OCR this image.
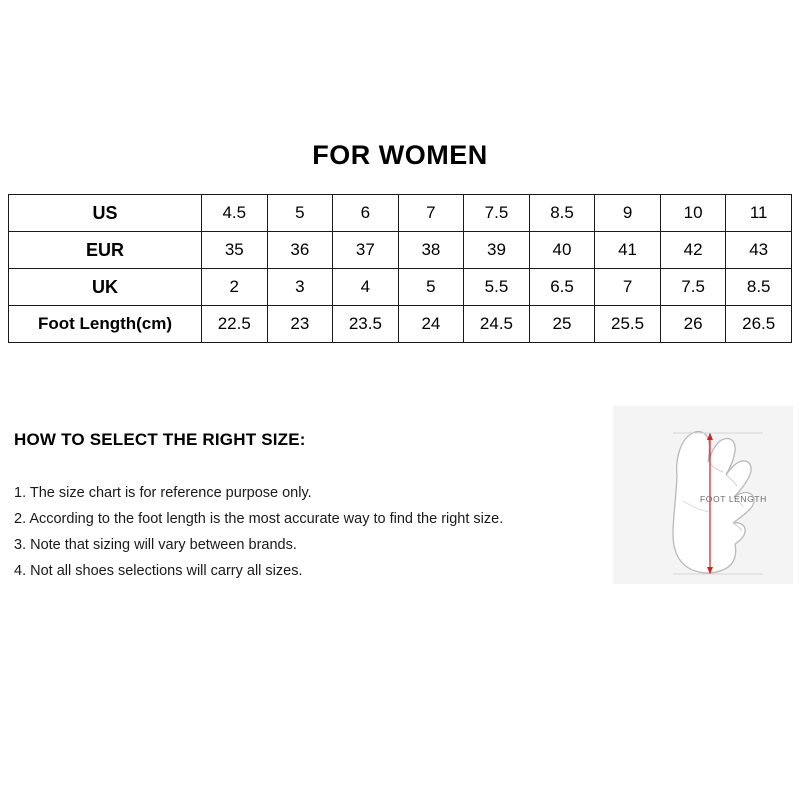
FOR WOMEN
US	4.5	5	6	7	7.5	8.5	9	10	11
EUR	35	36	37	38	39	40	41	42	43
UK	2	3	4	5	5.5	6.5	7	7.5	8.5
Foot Length(cm)	22.5	23	23.5	24	24.5	25	25.5	26	26.5
HOW TO SELECT THE RIGHT SIZE:
1. The size chart is for reference purpose only.
2. According to the foot length is the most accurate way to find the right size.
3. Note that sizing will vary between brands.
4. Not all shoes selections will carry all sizes.
FOOT LENGTH
